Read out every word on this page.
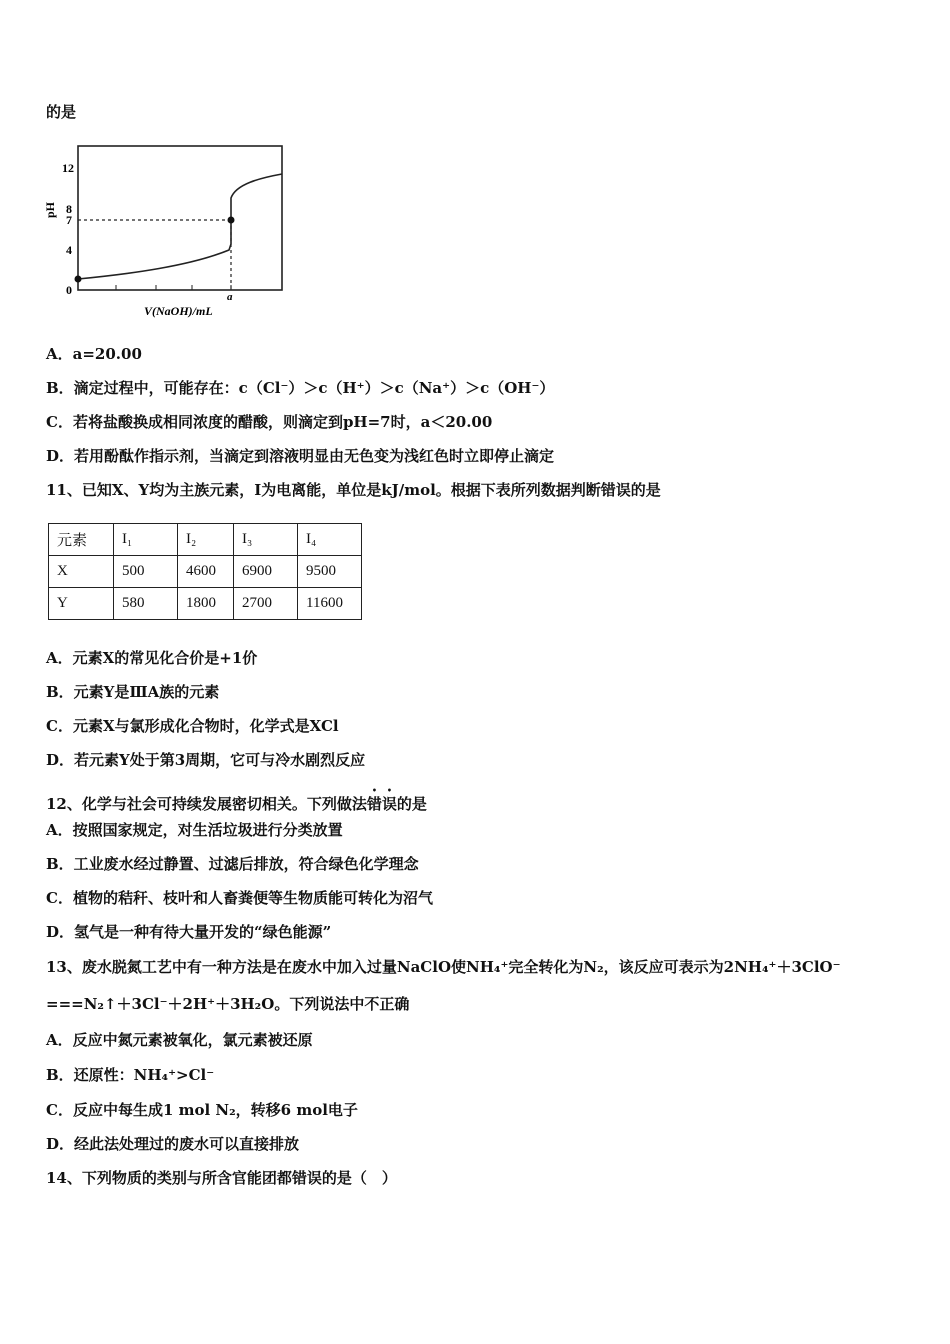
的是
pH
12
8
7
4
0	a
V(NaOH)/mL
A．a=20.00
B．滴定过程中，可能存在：c（Cl⁻）＞c（H⁺）＞c（Na⁺）＞c（OH⁻）
C．若将盐酸换成相同浓度的醋酸，则滴定到pH=7时，a＜20.00
D．若用酚酞作指示剂，当滴定到溶液明显由无色变为浅红色时立即停止滴定
11、已知X、Y均为主族元素，I为电离能，单位是kJ/mol。根据下表所列数据判断错误的是
元素	I₁	I₂	I₃	I₄
X	500	4600	6900	9500
Y	580	1800	2700	11600
A．元素X的常见化合价是+1价
B．元素Y是ⅢA族的元素
C．元素X与氯形成化合物时，化学式是XCl
D．若元素Y处于第3周期，它可与冷水剧烈反应
12、化学与社会可持续发展密切相关。下列做法错误的是
A．按照国家规定，对生活垃圾进行分类放置
B．工业废水经过静置、过滤后排放，符合绿色化学理念
C．植物的秸秆、枝叶和人畜粪便等生物质能可转化为沼气
D．氢气是一种有待大量开发的“绿色能源”
13、废水脱氮工艺中有一种方法是在废水中加入过量NaClO使NH₄⁺完全转化为N₂，该反应可表示为2NH₄⁺＋3ClO⁻
===N₂↑＋3Cl⁻＋2H⁺＋3H₂O。下列说法中不正确
A．反应中氮元素被氧化，氯元素被还原
B．还原性：NH₄⁺>Cl⁻
C．反应中每生成1 mol N₂，转移6 mol电子
D．经此法处理过的废水可以直接排放
14、下列物质的类别与所含官能团都错误的是（　）
